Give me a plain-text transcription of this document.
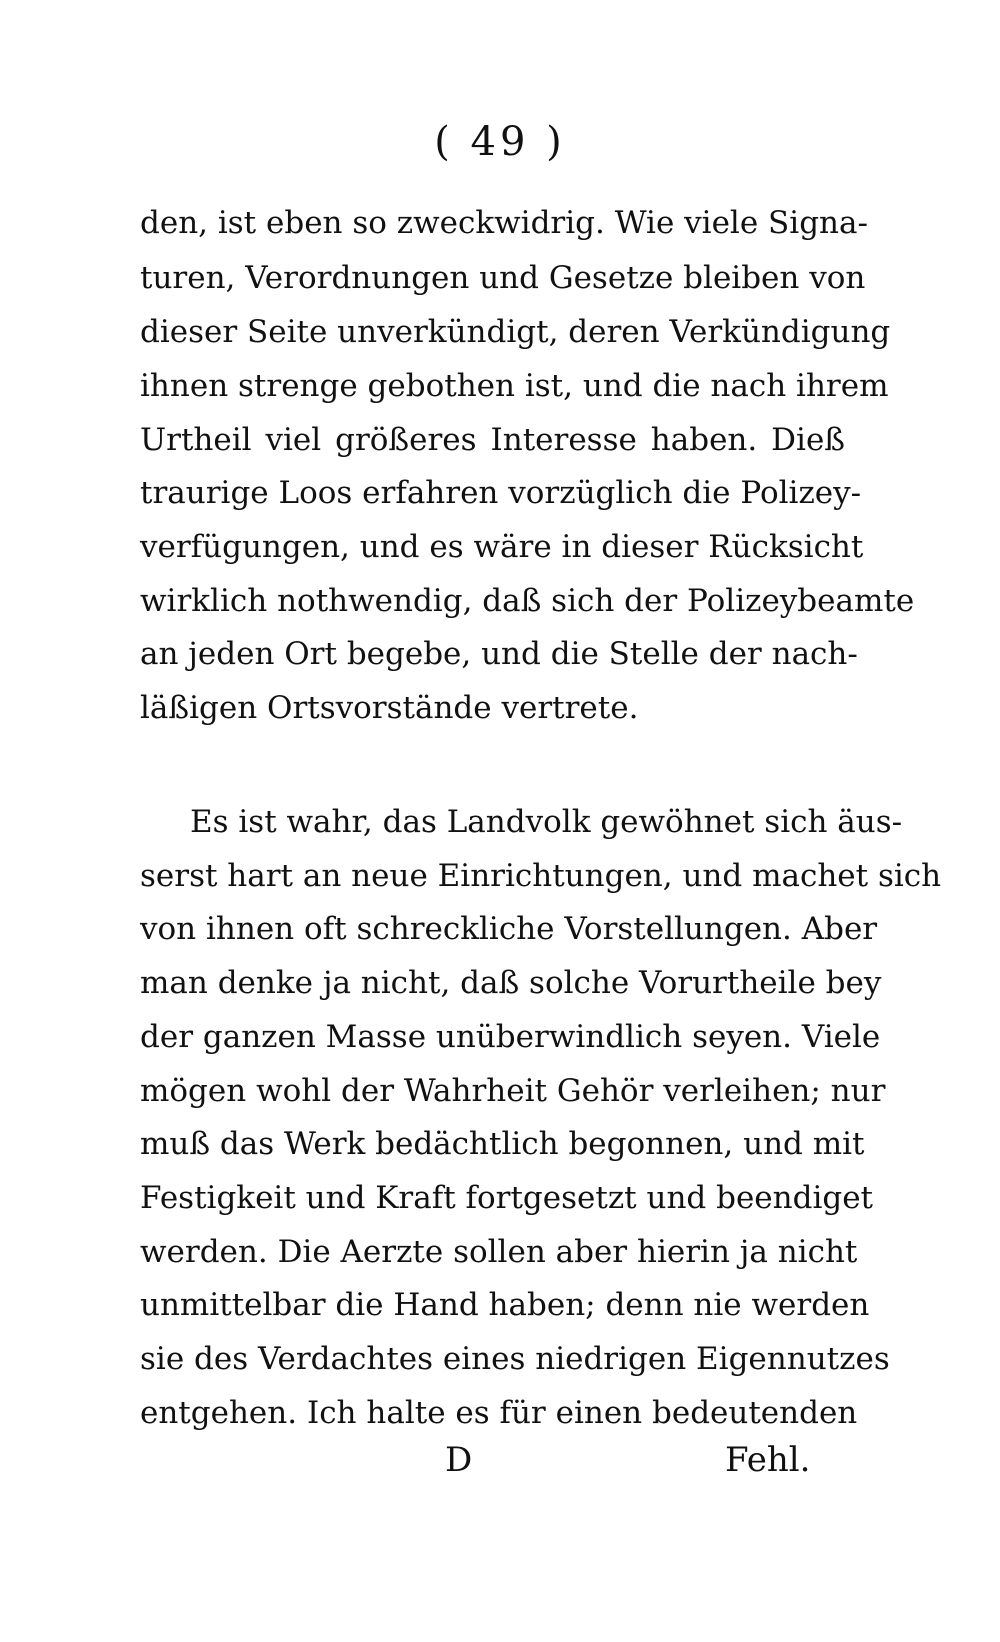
( 49 )
den, ist eben so zweckwidrig. Wie viele Signa-
turen, Verordnungen und Gesetze bleiben von
dieser Seite unverkündigt, deren Verkündigung
ihnen strenge gebothen ist, und die nach ihrem
Urtheil viel größeres Interesse haben. Dieß
traurige Loos erfahren vorzüglich die Polizey-
verfügungen, und es wäre in dieser Rücksicht
wirklich nothwendig, daß sich der Polizeybeamte
an jeden Ort begebe, und die Stelle der nach-
läßigen Ortsvorstände vertrete.
Es ist wahr, das Landvolk gewöhnet sich äus-
serst hart an neue Einrichtungen, und machet sich
von ihnen oft schreckliche Vorstellungen. Aber
man denke ja nicht, daß solche Vorurtheile bey
der ganzen Masse unüberwindlich seyen. Viele
mögen wohl der Wahrheit Gehör verleihen; nur
muß das Werk bedächtlich begonnen, und mit
Festigkeit und Kraft fortgesetzt und beendiget
werden. Die Aerzte sollen aber hierin ja nicht
unmittelbar die Hand haben; denn nie werden
sie des Verdachtes eines niedrigen Eigennutzes
entgehen. Ich halte es für einen bedeutenden
D	Fehl.
